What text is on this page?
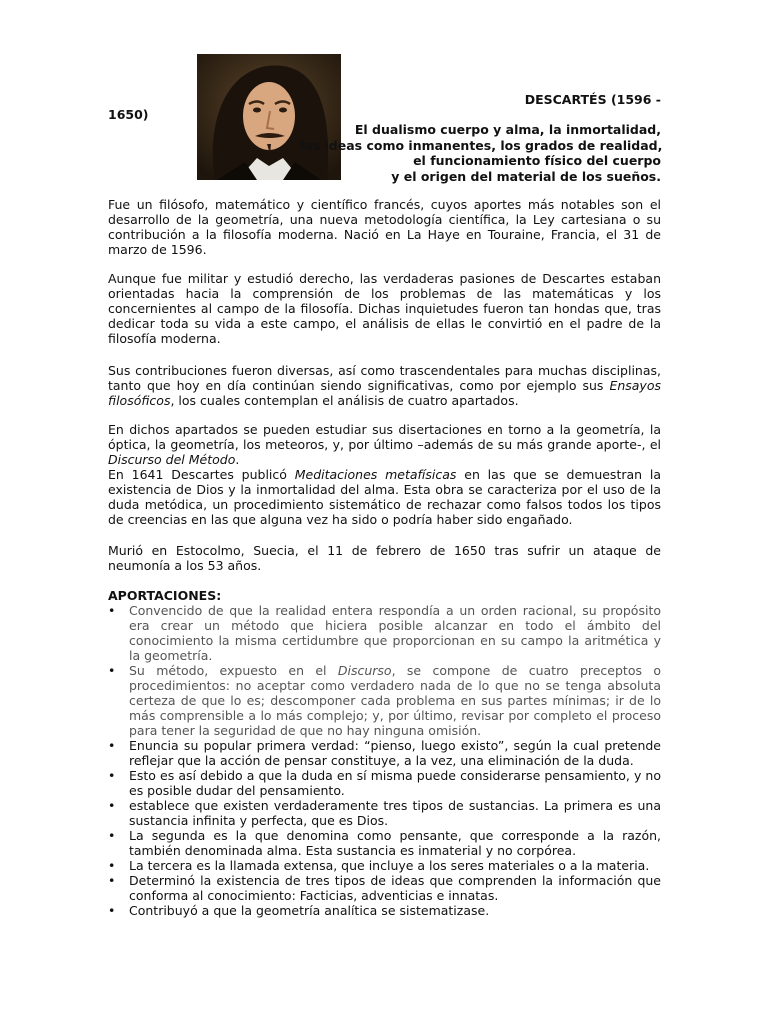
DESCARTÉS (1596 -
1650)
El dualismo cuerpo y alma, la inmortalidad,
las ideas como inmanentes, los grados de realidad,
el funcionamiento físico del cuerpo
y el origen del material de los sueños.
Fue un filósofo, matemático y científico francés, cuyos aportes más notables son el desarrollo de la geometría, una nueva metodología científica, la Ley cartesiana o su contribución a la filosofía moderna. Nació en La Haye en Touraine, Francia, el 31 de marzo de 1596.
Aunque fue militar y estudió derecho, las verdaderas pasiones de Descartes estaban orientadas hacia la comprensión de los problemas de las matemáticas y los concernientes al campo de la filosofía. Dichas inquietudes fueron tan hondas que, tras dedicar toda su vida a este campo, el análisis de ellas le convirtió en el padre de la filosofía moderna.
Sus contribuciones fueron diversas, así como trascendentales para muchas disciplinas, tanto que hoy en día continúan siendo significativas, como por ejemplo sus Ensayos filosóficos, los cuales contemplan el análisis de cuatro apartados.
En dichos apartados se pueden estudiar sus disertaciones en torno a la geometría, la óptica, la geometría, los meteoros, y, por último –además de su más grande aporte-, el Discurso del Método.
En 1641 Descartes publicó Meditaciones metafísicas en las que se demuestran la existencia de Dios y la inmortalidad del alma. Esta obra se caracteriza por el uso de la duda metódica, un procedimiento sistemático de rechazar como falsos todos los tipos de creencias en las que alguna vez ha sido o podría haber sido engañado.
Murió en Estocolmo, Suecia, el 11 de febrero de 1650 tras sufrir un ataque de neumonía a los 53 años.
APORTACIONES:
• Convencido de que la realidad entera respondía a un orden racional, su propósito era crear un método que hiciera posible alcanzar en todo el ámbito del conocimiento la misma certidumbre que proporcionan en su campo la aritmética y la geometría.
• Su método, expuesto en el Discurso, se compone de cuatro preceptos o procedimientos: no aceptar como verdadero nada de lo que no se tenga absoluta certeza de que lo es; descomponer cada problema en sus partes mínimas; ir de lo más comprensible a lo más complejo; y, por último, revisar por completo el proceso para tener la seguridad de que no hay ninguna omisión.
• Enuncia su popular primera verdad: “pienso, luego existo”, según la cual pretende reflejar que la acción de pensar constituye, a la vez, una eliminación de la duda.
• Esto es así debido a que la duda en sí misma puede considerarse pensamiento, y no es posible dudar del pensamiento.
• establece que existen verdaderamente tres tipos de sustancias. La primera es una sustancia infinita y perfecta, que es Dios.
• La segunda es la que denomina como pensante, que corresponde a la razón, también denominada alma. Esta sustancia es inmaterial y no corpórea.
• La tercera es la llamada extensa, que incluye a los seres materiales o a la materia.
• Determinó la existencia de tres tipos de ideas que comprenden la información que conforma al conocimiento: Facticias, adventicias e innatas.
• Contribuyó a que la geometría analítica se sistematizase.
